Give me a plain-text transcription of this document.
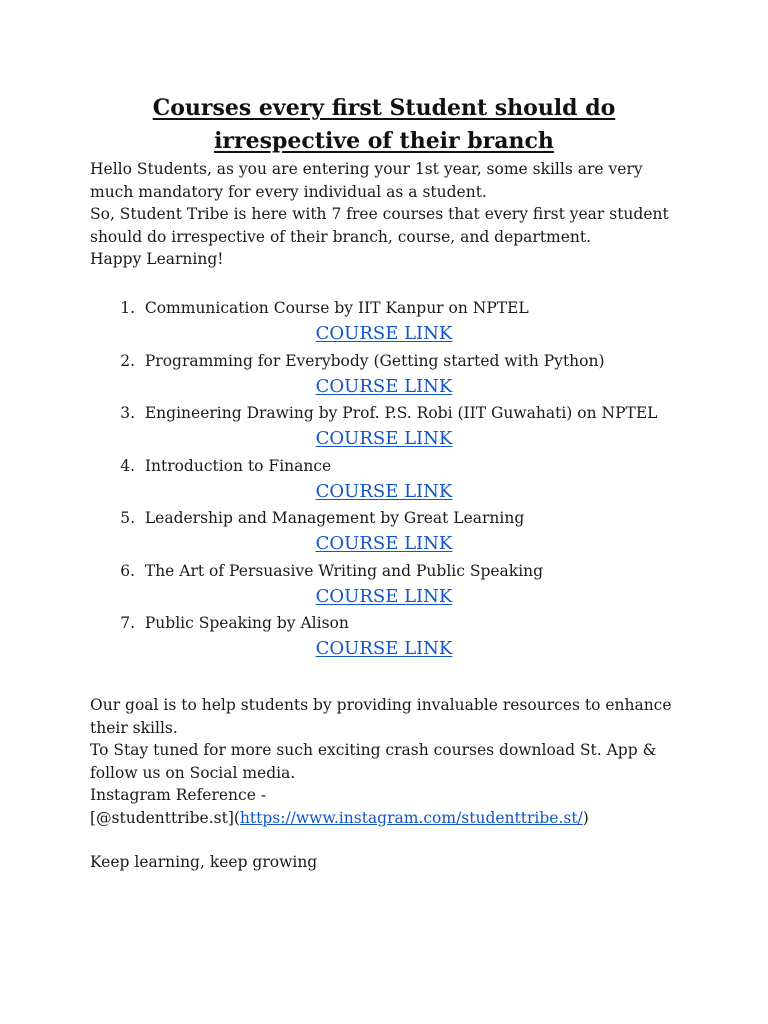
Courses every first Student should do
irrespective of their branch

Hello Students, as you are entering your 1st year, some skills are very much mandatory for every individual as a student.

So, Student Tribe is here with 7 free courses that every first year student should do irrespective of their branch, course, and department.

Happy Learning!

1. Communication Course by IIT Kanpur on NPTEL
COURSE LINK
2. Programming for Everybody (Getting started with Python)
COURSE LINK
3. Engineering Drawing by Prof. P.S. Robi (IIT Guwahati) on NPTEL
COURSE LINK
4. Introduction to Finance
COURSE LINK
5. Leadership and Management by Great Learning
COURSE LINK
6. The Art of Persuasive Writing and Public Speaking
COURSE LINK
7. Public Speaking by Alison
COURSE LINK

Our goal is to help students by providing invaluable resources to enhance their skills.

To Stay tuned for more such exciting crash courses download St. App & follow us on Social media.

Instagram Reference -

[@studenttribe.st](https://www.instagram.com/studenttribe.st/)

Keep learning, keep growing
